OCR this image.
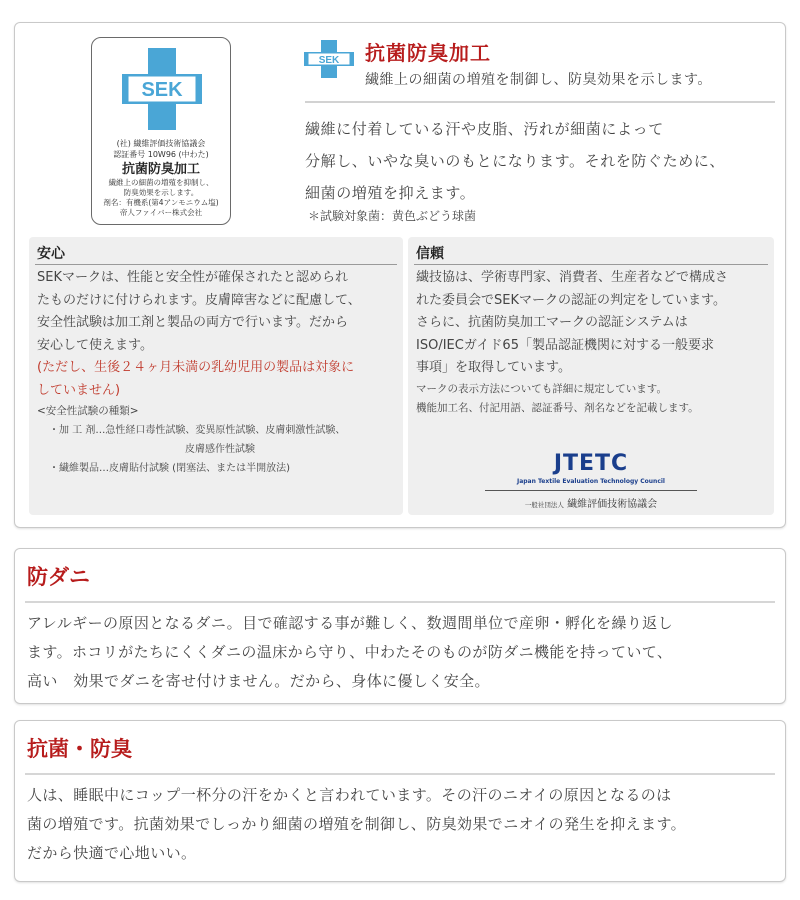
SEK
(社) 繊維評価技術協議会
認証番号 10W96 (中わた)
抗菌防臭加工
繊維上の細菌の増殖を抑制し、
防臭効果を示します。
剤名：有機系(第4アンモニウム塩)
帝人ファイバー株式会社
SEK 抗菌防臭加工
繊維上の細菌の増殖を制御し、防臭効果を示します。
繊維に付着している汗や皮脂、汚れが細菌によって
分解し、いやな臭いのもとになります。それを防ぐために、
細菌の増殖を抑えます。
＊試験対象菌：黄色ぶどう球菌
安心
SEKマークは、性能と安全性が確保されたと認められ
たものだけに付けられます。皮膚障害などに配慮して、
安全性試験は加工剤と製品の両方で行います。だから
安心して使えます。
(ただし、生後２４ヶ月未満の乳幼児用の製品は対象に
していません)
<安全性試験の種類>
・加 工 剤…急性経口毒性試験、変異原性試験、皮膚刺激性試験、
皮膚感作性試験
・繊維製品…皮膚貼付試験 (閉塞法、または半開放法)
信頼
繊技協は、学術専門家、消費者、生産者などで構成さ
れた委員会でSEKマークの認証の判定をしています。
さらに、抗菌防臭加工マークの認証システムは
ISO/IECガイド65「製品認証機関に対する一般要求
事項」を取得しています。
マークの表示方法についても詳細に規定しています。
機能加工名、付記用語、認証番号、剤名などを記載します。
JTETC
Japan Textile Evaluation Technology Council
一般社団法人 繊維評価技術協議会
防ダニ
アレルギーの原因となるダニ。目で確認する事が難しく、数週間単位で産卵・孵化を繰り返し
ます。ホコリがたちにくくダニの温床から守り、中わたそのものが防ダニ機能を持っていて、
高い　効果でダニを寄せ付けません。だから、身体に優しく安全。
抗菌・防臭
人は、睡眠中にコップ一杯分の汗をかくと言われています。その汗のニオイの原因となるのは
菌の増殖です。抗菌効果でしっかり細菌の増殖を制御し、防臭効果でニオイの発生を抑えます。
だから快適で心地いい。
